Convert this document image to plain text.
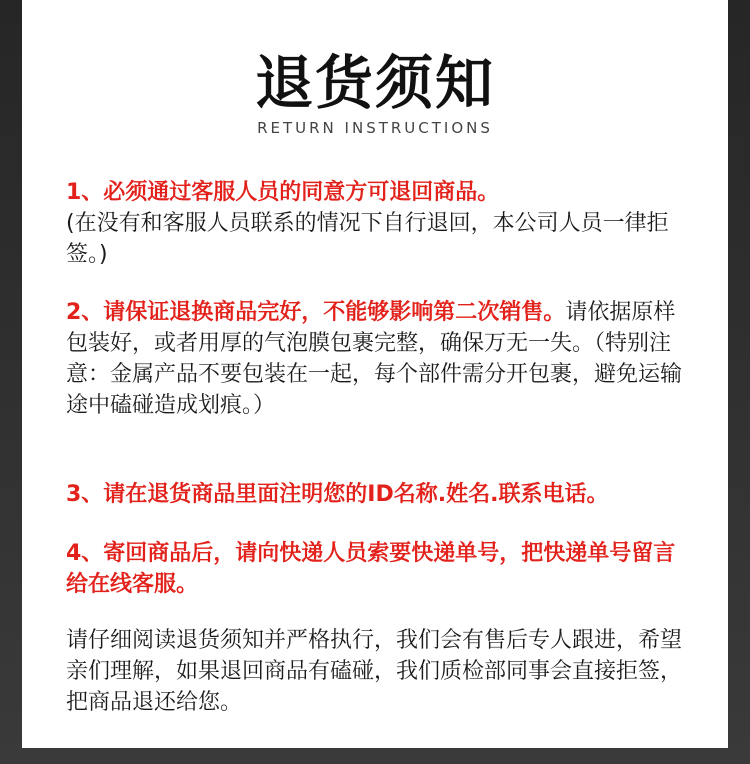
退货须知
RETURN INSTRUCTIONS

1、必须通过客服人员的同意方可退回商品。
(在没有和客服人员联系的情况下自行退回，本公司人员一律拒签。)

2、请保证退换商品完好，不能够影响第二次销售。请依据原样包装好，或者用厚的气泡膜包裹完整，确保万无一失。（特别注意：金属产品不要包装在一起，每个部件需分开包裹，避免运输途中磕碰造成划痕。）

3、请在退货商品里面注明您的ID名称.姓名.联系电话。

4、寄回商品后，请向快递人员索要快递单号，把快递单号留言给在线客服。

请仔细阅读退货须知并严格执行，我们会有售后专人跟进，希望亲们理解，如果退回商品有磕碰，我们质检部同事会直接拒签，把商品退还给您。
